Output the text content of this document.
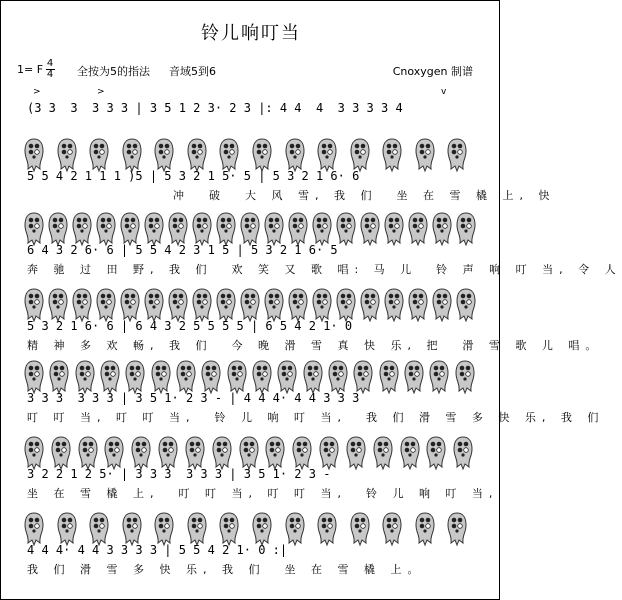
铃儿响叮当
1= F 4
4 全按为5的指法 音域5到6	Cnoxygen 制谱
>	>	v
(3 3  3  3 3 3 | 3 5 1 2 3· 2 3 |: 4 4  4  3 3 3 3 4
5 5 4 2 1 1 1 )5 | 5 3 2 1 5· 5 | 5 3 2 1 6· 6
冲  破  大 风 雪, 我 们  坐 在 雪 橇 上, 快
6 4 3 2 6· 6 | 5 5 4 2 3 1 5 | 5 3 2 1 6· 5
奔 驰 过 田 野, 我 们  欢 笑 又 歌 唱: 马 儿  铃 声 响 叮 当, 令 人
5 3 2 1 6· 6 | 6 4 3 2 5 5 5 5 | 6 5 4 2 1· 0
精 神 多 欢 畅, 我 们  今 晚 滑 雪 真 快 乐, 把  滑 雪 歌 儿 唱。
3 3 3  3 3 3 | 3 5 1· 2 3 - | 4 4 4· 4 4 3 3 3
叮 叮 当, 叮 叮 当,  铃 儿 响 叮 当,  我 们 滑 雪 多 快 乐, 我 们
3 2 2 1 2 5· | 3 3 3  3 3 3 | 3 5 1· 2 3 -
坐 在 雪 橇 上,  叮 叮 当, 叮 叮 当,  铃 儿 响 叮 当,
4 4 4· 4 4 3 3 3 3 | 5 5 4 2 1· 0 :|
我 们 滑 雪 多 快 乐, 我 们  坐 在 雪 橇 上。
